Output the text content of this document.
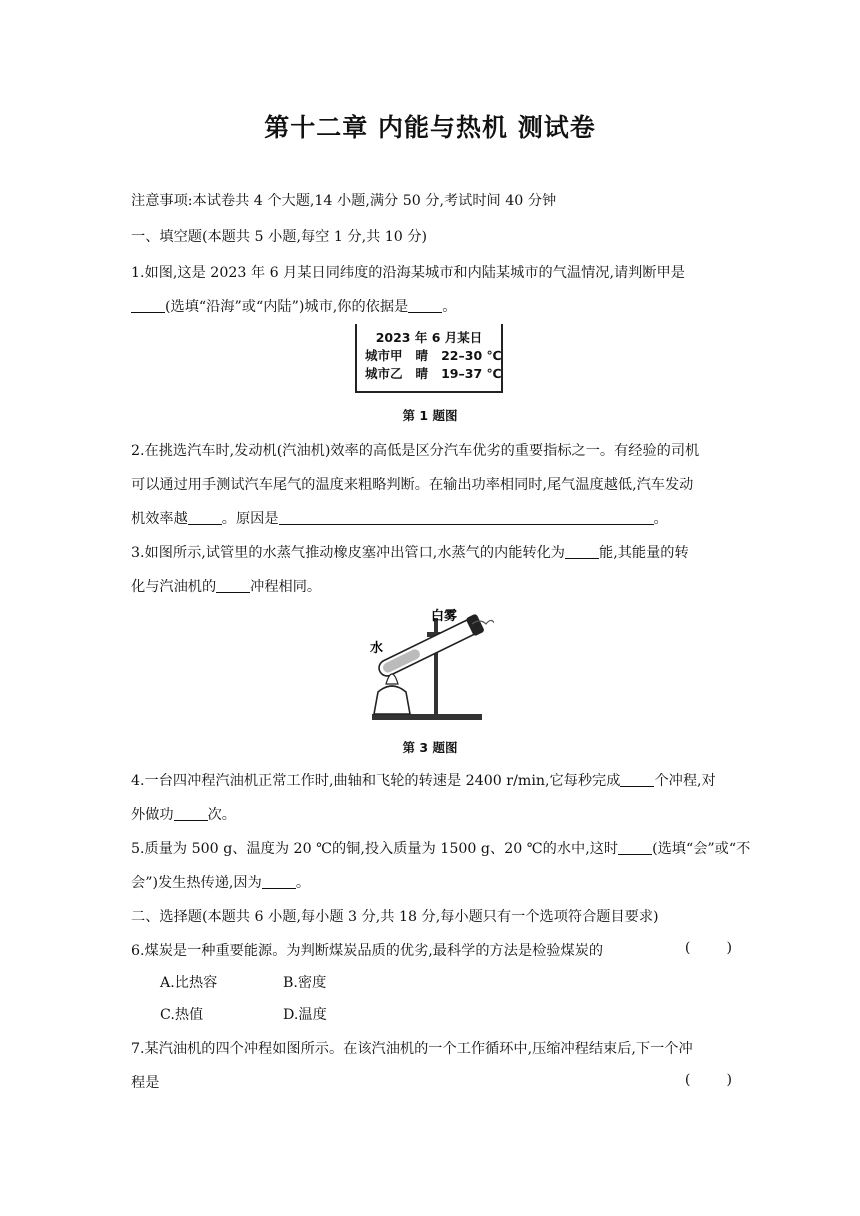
第十二章 内能与热机 测试卷
注意事项:本试卷共 4 个大题,14 小题,满分 50 分,考试时间 40 分钟
一、填空题(本题共 5 小题,每空 1 分,共 10 分)
1.如图,这是 2023 年 6 月某日同纬度的沿海某城市和内陆某城市的气温情况,请判断甲是
(选填“沿海”或“内陆”)城市,你的依据是 。
2023 年 6 月某日
城市甲   晴   22–30 ℃
城市乙   晴   19–37 ℃
第 1 题图
2.在挑选汽车时,发动机(汽油机)效率的高低是区分汽车优劣的重要指标之一。有经验的司机
可以通过用手测试汽车尾气的温度来粗略判断。在输出功率相同时,尾气温度越低,汽车发动
机效率越 。原因是	。
3.如图所示,试管里的水蒸气推动橡皮塞冲出管口,水蒸气的内能转化为 能,其能量的转
化与汽油机的 冲程相同。
白雾
水
第 3 题图
4.一台四冲程汽油机正常工作时,曲轴和飞轮的转速是 2400 r/min,它每秒完成 个冲程,对
外做功 次。
5.质量为 500 g、温度为 20 ℃的铜,投入质量为 1500 g、20 ℃的水中,这时 (选填“会”或“不
会”)发生热传递,因为 。
二、选择题(本题共 6 小题,每小题 3 分,共 18 分,每小题只有一个选项符合题目要求)
6.煤炭是一种重要能源。为判断煤炭品质的优劣,最科学的方法是检验煤炭的	(        )
A.比热容	B.密度
C.热值	D.温度
7.某汽油机的四个冲程如图所示。在该汽油机的一个工作循环中,压缩冲程结束后,下一个冲
程是	(        )
